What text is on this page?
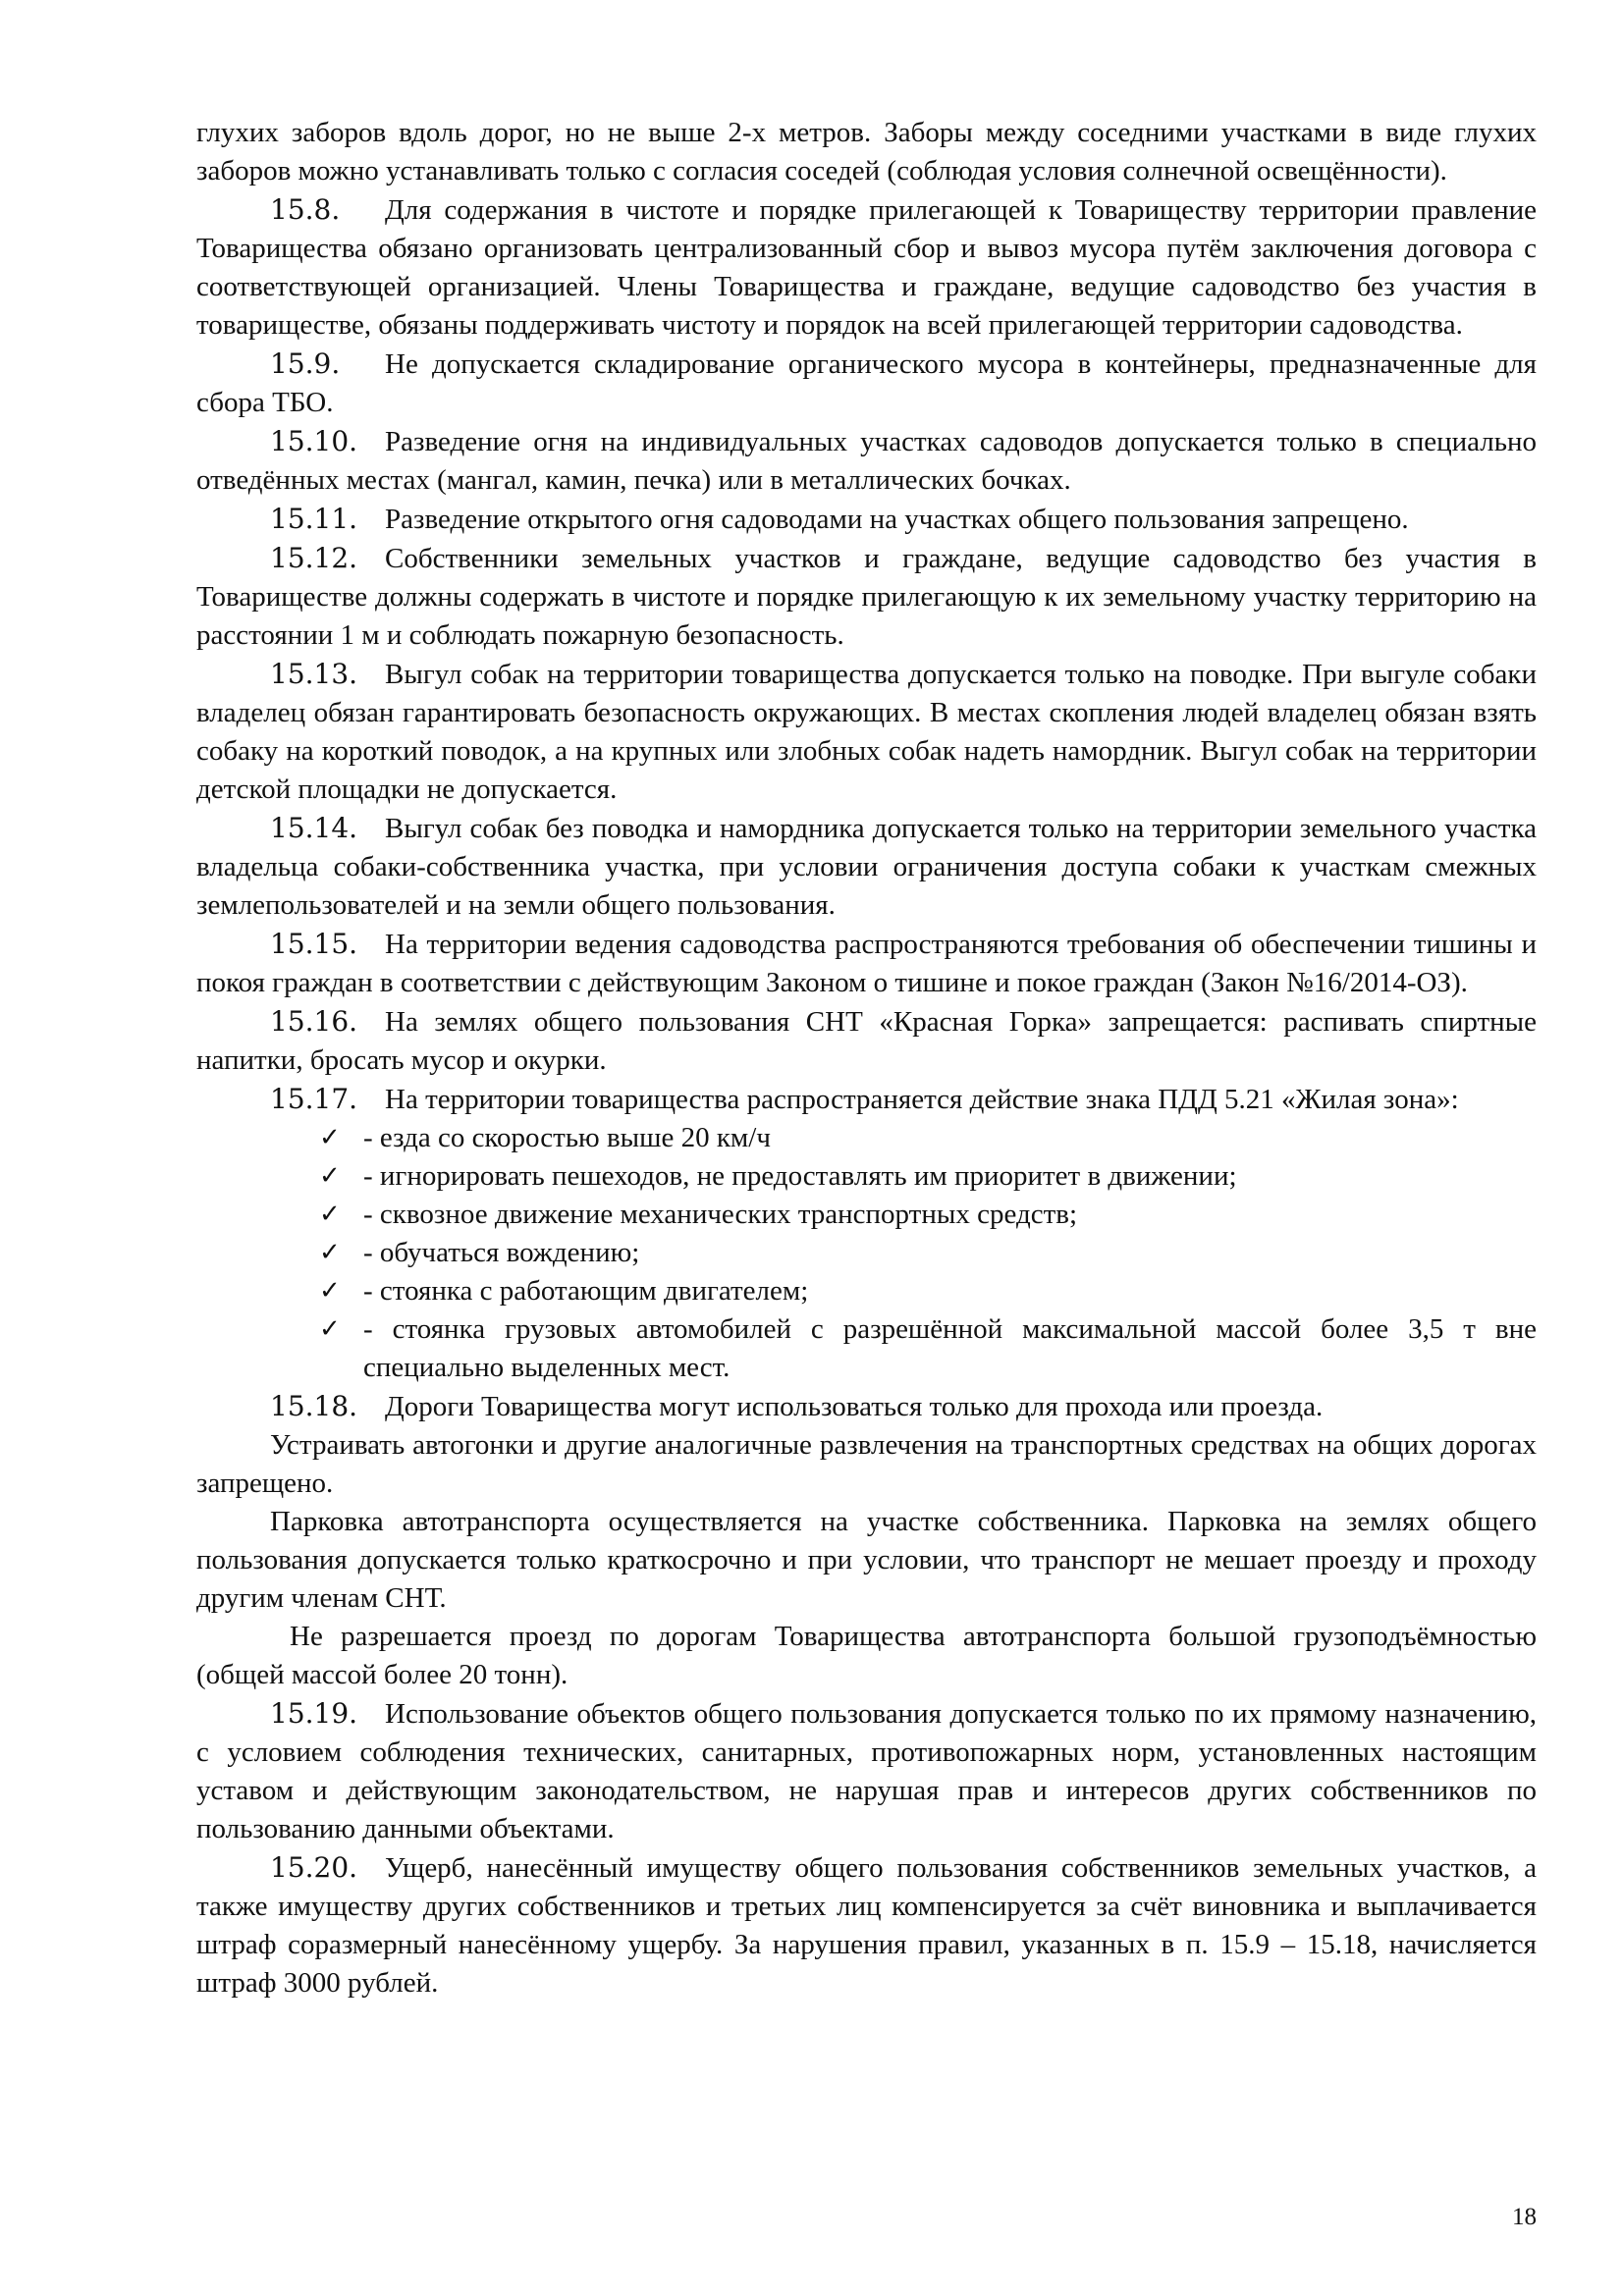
глухих заборов вдоль дорог, но не выше 2-х метров. Заборы между соседними участками в виде глухих заборов можно устанавливать только с согласия соседей (соблюдая условия солнечной освещённости).

15.8. Для содержания в чистоте и порядке прилегающей к Товариществу территории правление Товарищества обязано организовать централизованный сбор и вывоз мусора путём заключения договора с соответствующей организацией. Члены Товарищества и граждане, ведущие садоводство без участия в товариществе, обязаны поддерживать чистоту и порядок на всей прилегающей территории садоводства.

15.9. Не допускается складирование органического мусора в контейнеры, предназначенные для сбора ТБО.

15.10. Разведение огня на индивидуальных участках садоводов допускается только в специально отведённых местах (мангал, камин, печка) или в металлических бочках.

15.11. Разведение открытого огня садоводами на участках общего пользования запрещено.

15.12. Собственники земельных участков и граждане, ведущие садоводство без участия в Товариществе должны содержать в чистоте и порядке прилегающую к их земельному участку территорию на расстоянии 1 м и соблюдать пожарную безопасность.

15.13. Выгул собак на территории товарищества допускается только на поводке. При выгуле собаки владелец обязан гарантировать безопасность окружающих. В местах скопления людей владелец обязан взять собаку на короткий поводок, а на крупных или злобных собак надеть намордник. Выгул собак на территории детской площадки не допускается.

15.14. Выгул собак без поводка и намордника допускается только на территории земельного участка владельца собаки-собственника участка, при условии ограничения доступа собаки к участкам смежных землепользователей и на земли общего пользования.

15.15. На территории ведения садоводства распространяются требования об обеспечении тишины и покоя граждан в соответствии с действующим Законом о тишине и покое граждан (Закон №16/2014-ОЗ).

15.16. На землях общего пользования СНТ «Красная Горка» запрещается: распивать спиртные напитки, бросать мусор и окурки.

15.17. На территории товарищества распространяется действие знака ПДД 5.21 «Жилая зона»:

✓ - езда со скоростью выше 20 км/ч
✓ - игнорировать пешеходов, не предоставлять им приоритет в движении;
✓ - сквозное движение механических транспортных средств;
✓ - обучаться вождению;
✓ - стоянка с работающим двигателем;
✓ - стоянка грузовых автомобилей с разрешённой максимальной массой более 3,5 т вне специально выделенных мест.

15.18. Дороги Товарищества могут использоваться только для прохода или проезда.

Устраивать автогонки и другие аналогичные развлечения на транспортных средствах на общих дорогах запрещено.

Парковка автотранспорта осуществляется на участке собственника. Парковка на землях общего пользования допускается только краткосрочно и при условии, что транспорт не мешает проезду и проходу другим членам СНТ.

Не разрешается проезд по дорогам Товарищества автотранспорта большой грузоподъёмностью (общей массой более 20 тонн).

15.19. Использование объектов общего пользования допускается только по их прямому назначению, с условием соблюдения технических, санитарных, противопожарных норм, установленных настоящим уставом и действующим законодательством, не нарушая прав и интересов других собственников по пользованию данными объектами.

15.20. Ущерб, нанесённый имуществу общего пользования собственников земельных участков, а также имуществу других собственников и третьих лиц компенсируется за счёт виновника и выплачивается штраф соразмерный нанесённому ущербу. За нарушения правил, указанных в п. 15.9 – 15.18, начисляется штраф 3000 рублей.

18
